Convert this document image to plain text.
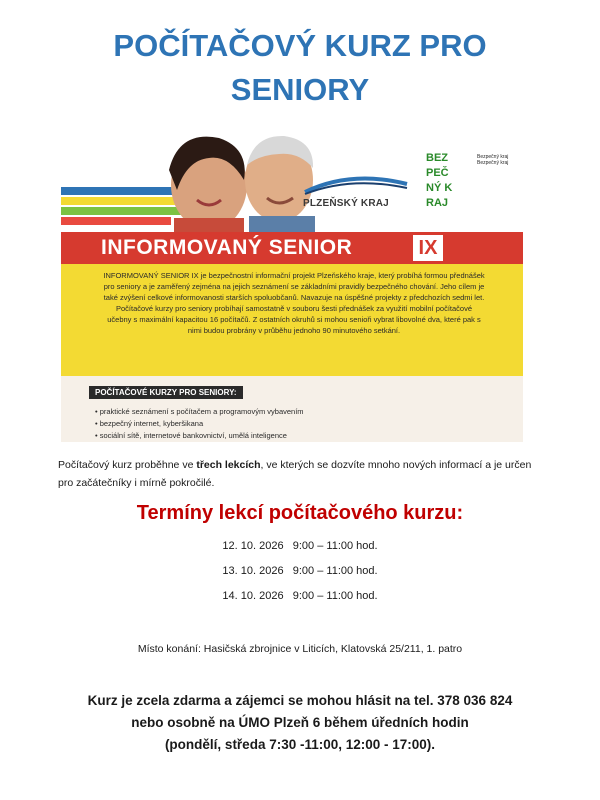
POČÍTAČOVÝ KURZ PRO
SENIORY
PLZEŇSKÝ KRAJ
BEZ
PEČ
NÝ K
RAJ
Bezpečný kraj Bezpečný kraj
INFORMOVANÝ SENIOR	IX
INFORMOVANÝ SENIOR IX je bezpečnostní informační projekt Plzeňského kraje, který probíhá formou přednášek pro seniory a je zaměřený zejména na jejich seznámení se základními pravidly bezpečného chování. Jeho cílem je také zvýšení celkové informovanosti starších spoluobčanů. Navazuje na úspěšné projekty z předchozích sedmi let. Počítačové kurzy pro seniory probíhají samostatně v souboru šesti přednášek za využití mobilní počítačové učebny s maximální kapacitou 16 počítačů. Z ostatních okruhů si mohou senioři vybrat libovolné dva, které pak s nimi budou probrány v průběhu jednoho 90 minutového setkání.
POČÍTAČOVÉ KURZY PRO SENIORY:
• praktické seznámení s počítačem a programovým vybavením
• bezpečný internet, kyberšikana
• sociální sítě, internetové bankovnictví, umělá inteligence
Počítačový kurz proběhne ve třech lekcích, ve kterých se dozvíte mnoho nových informací a je určen pro začátečníky i mírně pokročilé.
Termíny lekcí počítačového kurzu:
12. 10. 2026   9:00 – 11:00 hod.
13. 10. 2026   9:00 – 11:00 hod.
14. 10. 2026   9:00 – 11:00 hod.
Místo konání: Hasičská zbrojnice v Liticích, Klatovská 25/211, 1. patro
Kurz je zcela zdarma a zájemci se mohou hlásit na tel. 378 036 824
nebo osobně na ÚMO Plzeň 6 během úředních hodin
(pondělí, středa 7:30 -11:00, 12:00 - 17:00).
